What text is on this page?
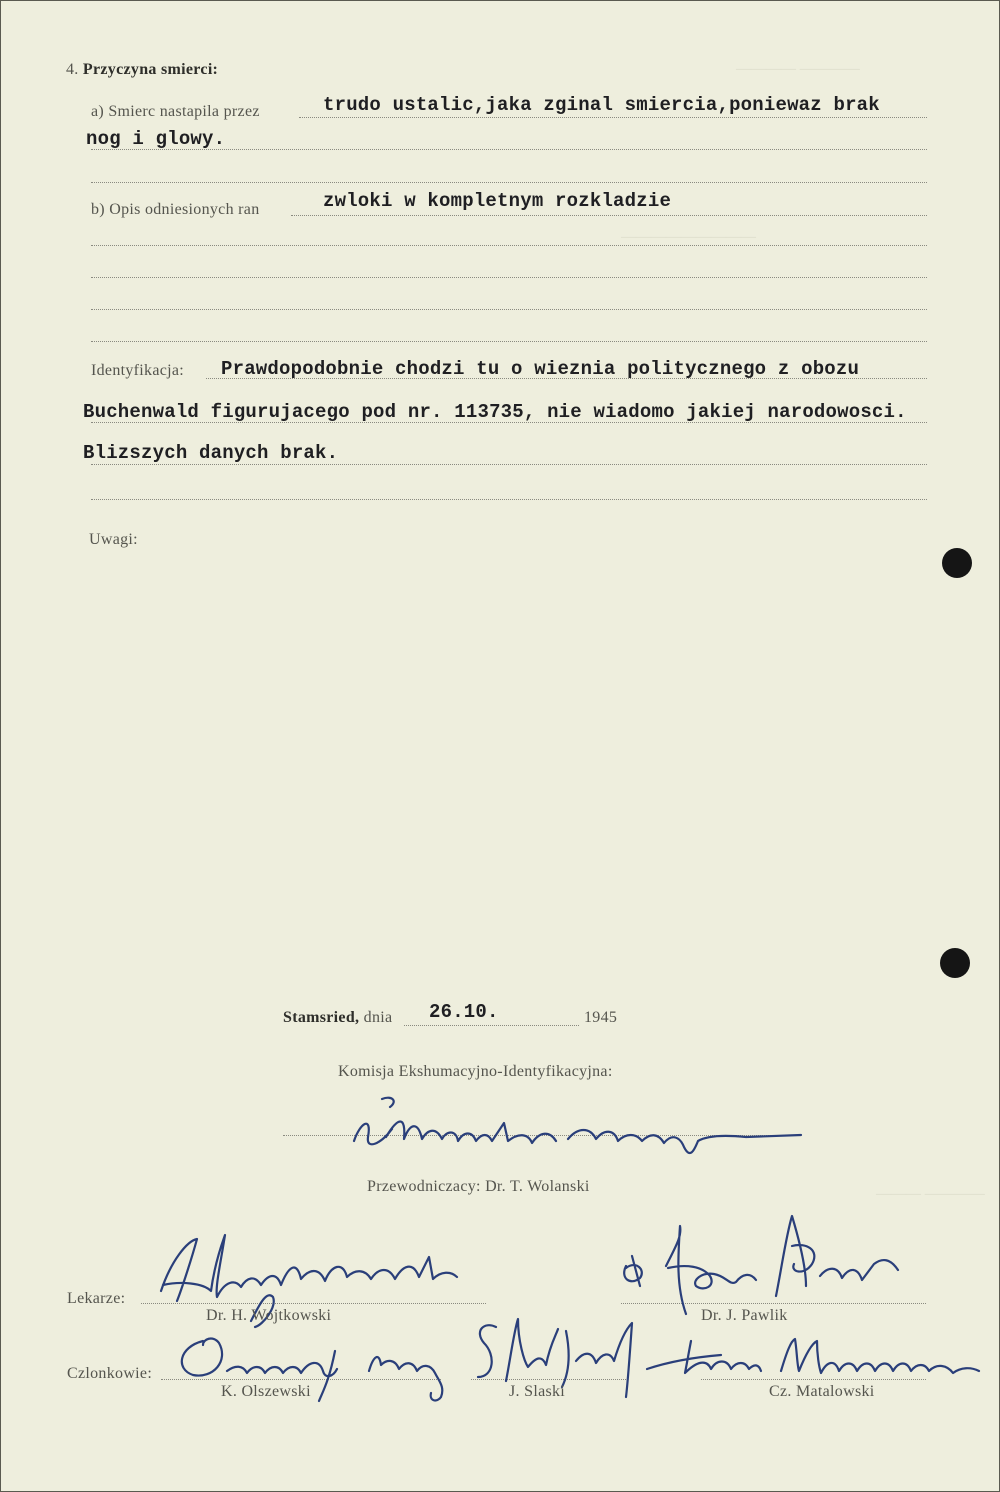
———— ————
—————————
——— ————
4. Przyczyna smierci:
a) Smierc nastapila przez	trudo ustalic,jaka zginal smiercia,poniewaz brak
nog i glowy.
b) Opis odniesionych ran	zwloki w kompletnym rozkladzie
Identyfikacja: Prawdopodobnie chodzi tu o wieznia politycznego z obozu
Buchenwald figurujacego pod nr. 113735, nie wiadomo jakiej narodowosci.
Blizszych danych brak.
Uwagi:
Stamsried, dnia 26.10.	1945
Komisja Ekshumacyjno-Identyfikacyjna:
Przewodniczacy: Dr. T. Wolanski
Lekarze:
Dr. H. Wojtkowski	Dr. J. Pawlik
Czlonkowie:
K. Olszewski	J. Slaski	Cz. Matalowski
